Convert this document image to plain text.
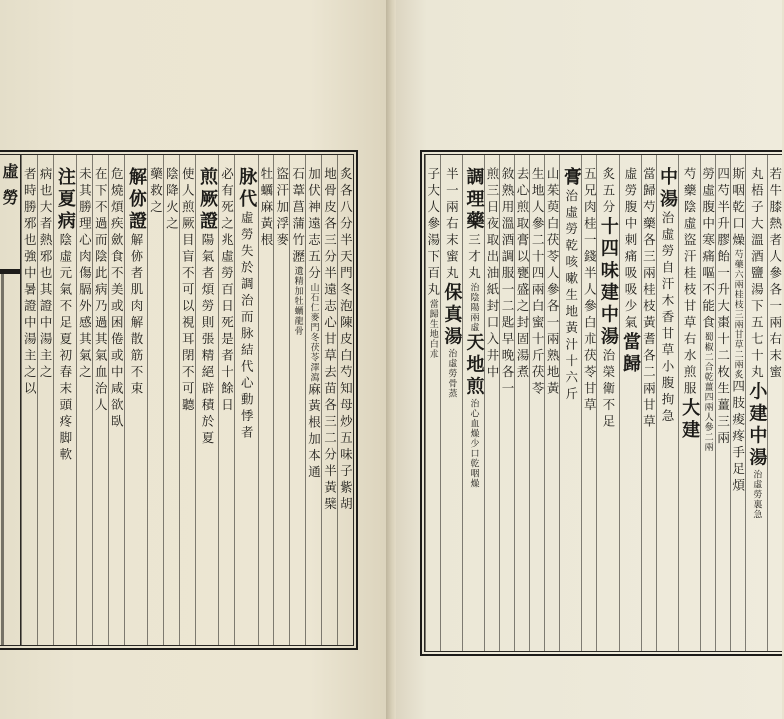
虛勞	炙各八分半天門冬泡陳皮白芍知母炒五味子紫胡
地骨皮各三分半遠志心甘草去苗各三二分半黃檗
加伏神遠志五分山石仁麥門冬茯苓澤瀉麻黃根加本通
石葦菖蒲竹瀝遺精加牡蠣龍骨
盜汗加浮麥
牡蠣麻黃根
脉代虛勞失於調治而脉結代心動悸者
必有死之兆虛勞百日死是者十餘日
煎厥證陽氣者煩勞則張精絕辟積於夏
使人煎厥目盲不可以視耳閉不可聽
陰降火之
藥救之
解㑊證解㑊者肌肉解散筋不束
危燒煩疾歛食不美或困倦或中咸欲臥
在下不過而陰此病乃過其氣血治人
未其勝理心肉傷膈外感其氣之
注夏病陰虛元氣不足夏初春末頭疼脚軟
病也大者熱邪也其證中湯主之
者時勝邪也強中暑證中湯主之以	若牛膝熱者人參各一兩右末蜜
丸梧子大溫酒鹽湯下五七十丸小建中湯治虛勞裏急
斯咽乾口燥芍藥六兩桂枝三兩甘草二兩炙四肢痠疼手足煩
四芍半升膠飴一升大棗十二枚生薑三兩
勞虛腹中寒痛嘔不能食蜀椒二合乾薑四兩人參二兩
芍藥陰虛盜汗桂枝甘草右水煎服大建
中湯治虛勞自汗木香甘草小腹拘急
當歸芍藥各三兩桂枝黃耆各二兩甘草
虛勞腹中刺痛吸吸少氣當歸
炙五分十四味建中湯治榮衛不足
五兄肉桂一錢半人參白朮茯苓甘草
膏治虛勞乾咳嗽生地黃汁十六斤
山茱萸白茯苓人參各一兩熟地黃
生地人參二十四兩白蜜十斤茯苓
去心煎取膏以甕盛之封固湯煮
敘熟用溫酒調服一二匙早晚各一
煎三日夜取出油紙封口入井中
調理藥三才丸治陰陽兩虛天地煎治心血燥少口乾咽燥
半一兩右末蜜丸保真湯治虛勞骨蒸
子大人參湯下百丸當歸生地白朮
